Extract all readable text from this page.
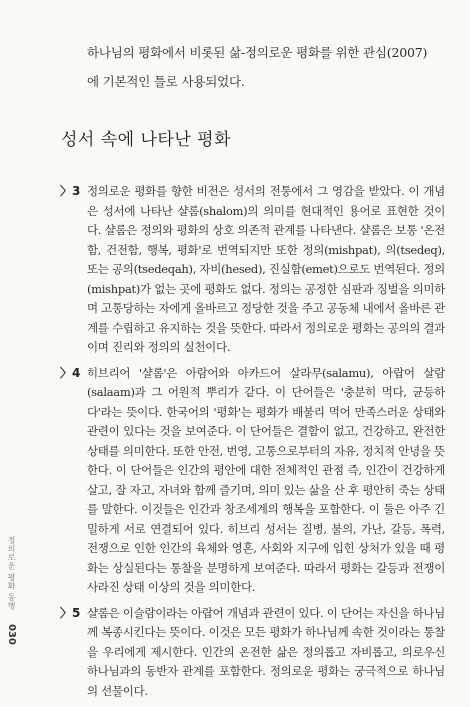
하나님의 평화에서 비롯된 삶-정의로운 평화를 위한 관심(2007)에 기본적인 틀로 사용되었다.
성서 속에 나타난 평화
〉3 정의로운 평화를 향한 비전은 성서의 전통에서 그 영감을 받았다. 이 개념은 성서에 나타난 샬롬(shalom)의 의미를 현대적인 용어로 표현한 것이다. 샬롬은 정의와 평화의 상호 의존적 관계를 나타낸다. 샬롬은 보통 '온전함, 건전함, 행복, 평화'로 번역되지만 또한 정의(mishpat), 의(tsedeq), 또는 공의(tsedeqah), 자비(hesed), 진실함(emet)으로도 번역된다. 정의(mishpat)가 없는 곳에 평화도 없다. 정의는 공정한 심판과 징벌을 의미하며 고통당하는 자에게 올바르고 정당한 것을 주고 공동체 내에서 올바른 관계를 수립하고 유지하는 것을 뜻한다. 따라서 정의로운 평화는 공의의 결과이며 진리와 정의의 실천이다.
〉4 히브리어 '샬롬'은 아람어와 아카드어 살라무(salamu), 아랍어 살람(salaam)과 그 어원적 뿌리가 같다. 이 단어들은 '충분히 먹다, 균등하다'라는 뜻이다. 한국어의 '평화'는 평화가 배불리 먹어 만족스러운 상태와 관련이 있다는 것을 보여준다. 이 단어들은 결함이 없고, 건강하고, 완전한 상태를 의미한다. 또한 안전, 번영, 고통으로부터의 자유, 정치적 안녕을 뜻한다. 이 단어들은 인간의 평안에 대한 전체적인 관점 즉, 인간이 건강하게 살고, 잘 자고, 자녀와 함께 즐기며, 의미 있는 삶을 산 후 평안히 죽는 상태를 말한다. 이것들은 인간과 창조세계의 행복을 포함한다. 이 둘은 아주 긴밀하게 서로 연결되어 있다. 히브리 성서는 질병, 불의, 가난, 갈등, 폭력, 전쟁으로 인한 인간의 육체와 영혼, 사회와 지구에 입힌 상처가 있을 때 평화는 상실된다는 통찰을 분명하게 보여준다. 따라서 평화는 갈등과 전쟁이 사라진 상태 이상의 것을 의미한다.
〉5 샬롬은 이슬람이라는 아랍어 개념과 관련이 있다. 이 단어는 자신을 하나님께 복종시킨다는 뜻이다. 이것은 모든 평화가 하나님께 속한 것이라는 통찰을 우리에게 제시한다. 인간의 온전한 삶은 정의롭고 자비롭고, 의로우신 하나님과의 동반자 관계를 포함한다. 정의로운 평화는 궁극적으로 하나님의 선물이다.
정의로운 평화 동행
030
